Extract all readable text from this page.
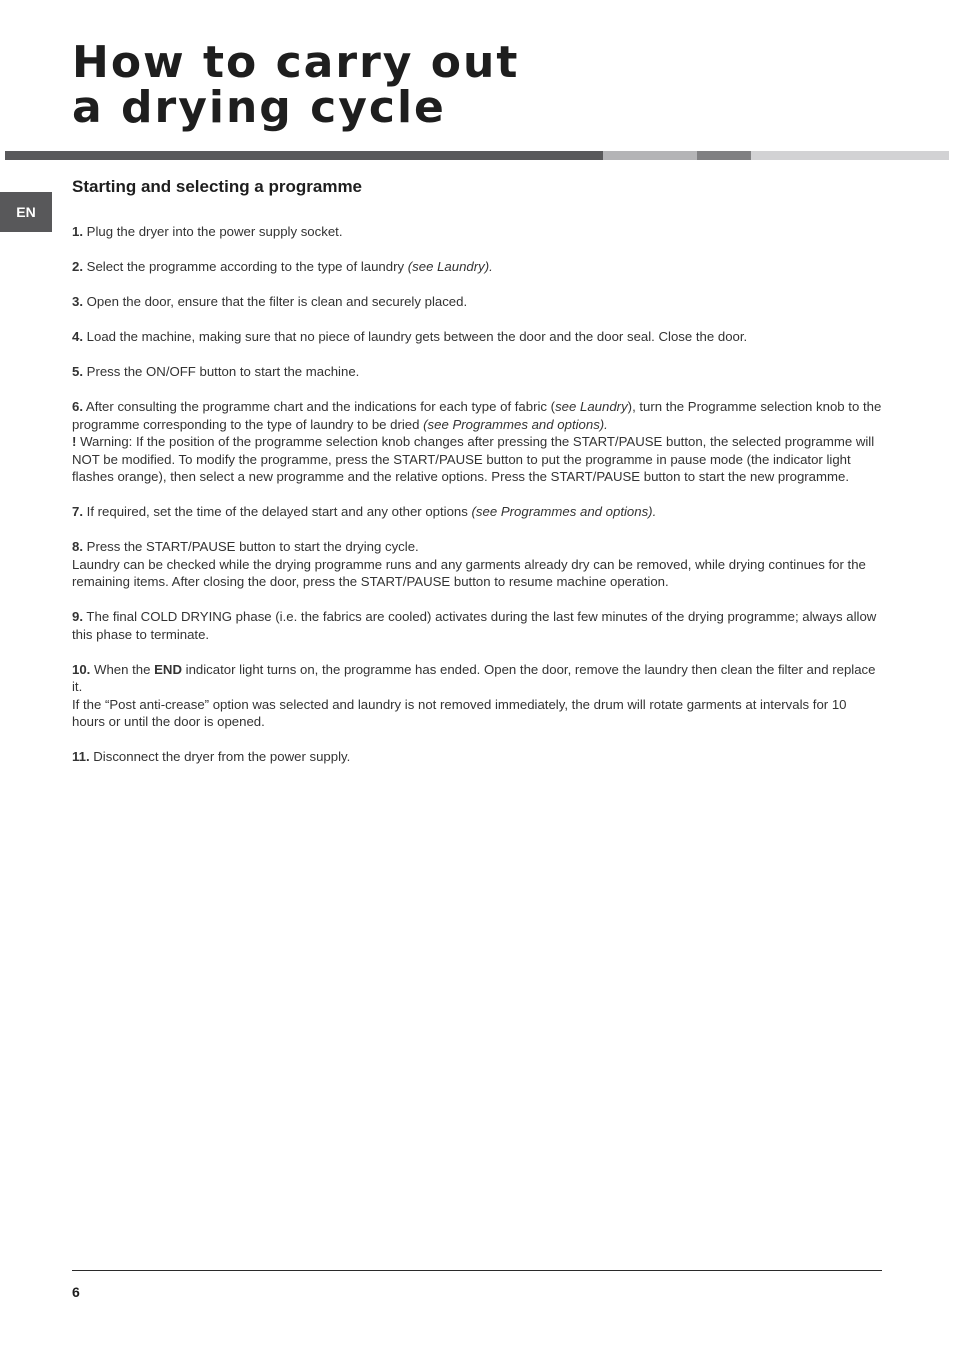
How to carry out
a drying cycle
EN
Starting and selecting a programme

1. Plug the dryer into the power supply socket.

2. Select the programme according to the type of laundry (see Laundry).

3. Open the door, ensure that the filter is clean and securely placed.

4. Load the machine, making sure that no piece of laundry gets between the door and the door seal. Close the door.

5. Press the ON/OFF button to start the machine.

6. After consulting the programme chart and the indications for each type of fabric (see Laundry), turn the Programme selection knob to the programme corresponding to the type of laundry to be dried (see Programmes and options).

! Warning: If the position of the programme selection knob changes after pressing the START/PAUSE button, the selected programme will NOT be modified. To modify the programme, press the START/PAUSE button to put the programme in pause mode (the indicator light flashes orange), then select a new programme and the relative options. Press the START/PAUSE button to start the new programme.

7. If required, set the time of the delayed start and any other options (see Programmes and options).

8. Press the START/PAUSE button to start the drying cycle.

Laundry can be checked while the drying programme runs and any garments already dry can be removed, while drying continues for the remaining items. After closing the door, press the START/PAUSE button to resume machine operation.

9. The final COLD DRYING phase (i.e. the fabrics are cooled) activates during the last few minutes of the drying programme; always allow this phase to terminate.

10. When the END indicator light turns on, the programme has ended. Open the door, remove the laundry then clean the filter and replace it.

If the “Post anti-crease” option was selected and laundry is not removed immediately, the drum will rotate garments at intervals for 10 hours or until the door is opened.

11. Disconnect the dryer from the power supply.

6
